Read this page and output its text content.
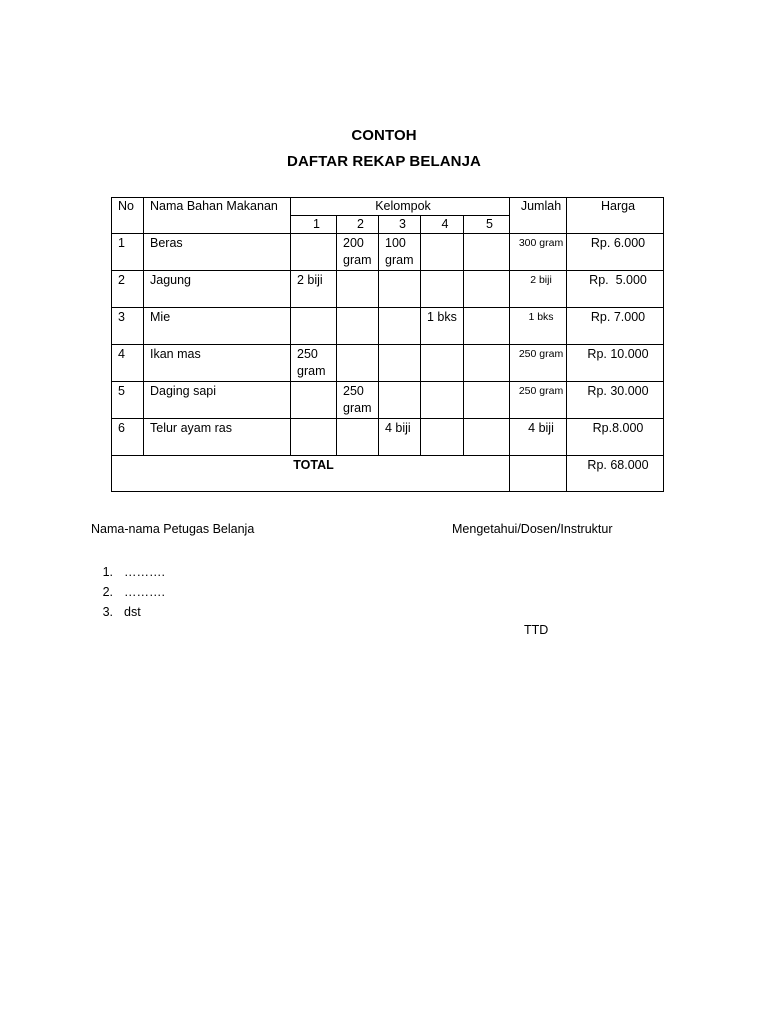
CONTOH
DAFTAR REKAP BELANJA
No	Nama Bahan Makanan	Kelompok					Jumlah	Harga
		1	2	3	4	5		
1	Beras		200 gram	100 gram			300 gram	Rp. 6.000
2	Jagung	2 biji					2 biji	Rp.  5.000
3	Mie				1 bks		1 bks	Rp. 7.000
4	Ikan mas	250 gram					250 gram	Rp. 10.000
5	Daging sapi		250 gram				250 gram	Rp. 30.000
6	Telur ayam ras			4 biji			4 biji	Rp.8.000
TOTAL								Rp. 68.000
Nama-nama Petugas Belanja	Mengetahui/Dosen/Instruktur
1. ……….
2. ……….
3. dst
TTD
